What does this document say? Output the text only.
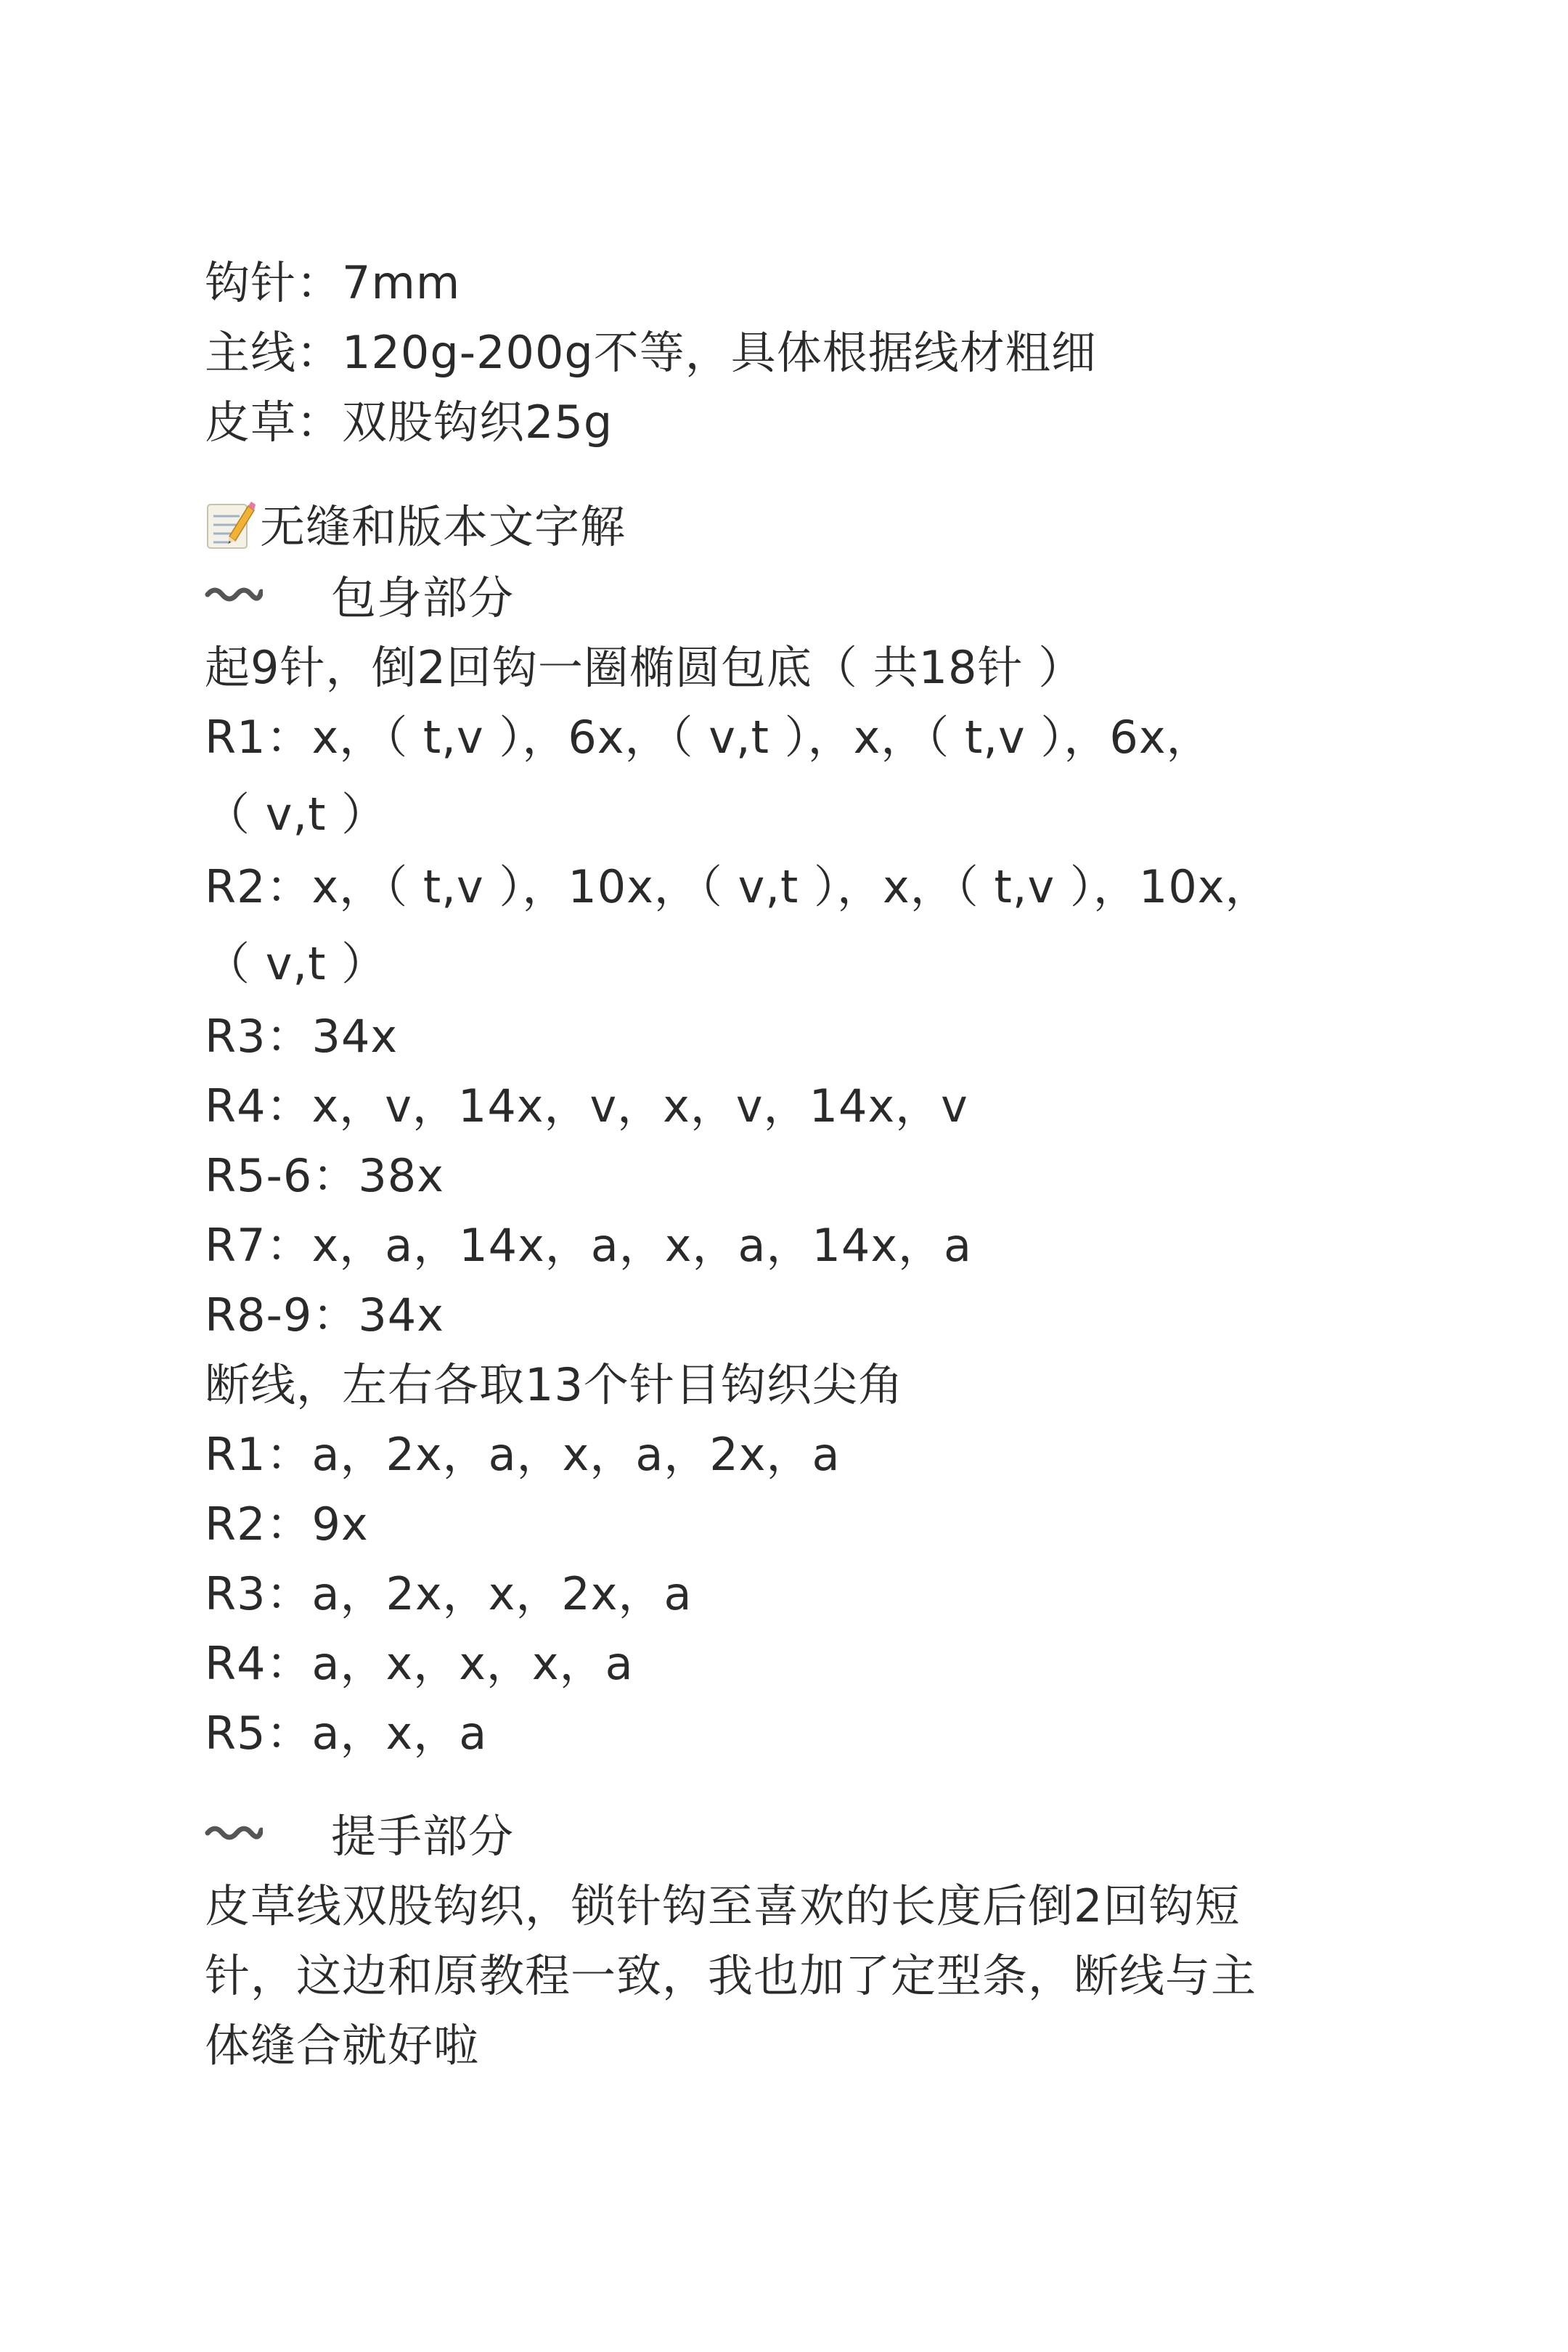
钩针：7mm
主线：120g-200g不等，具体根据线材粗细
皮草：双股钩织25g
无缝和版本文字解
包身部分
起9针，倒2回钩一圈椭圆包底（ 共18针 ）
R1：x，（ t,v ），6x，（ v,t ），x，（ t,v ），6x，
（ v,t ）
R2：x，（ t,v ），10x，（ v,t ），x，（ t,v ），10x，
（ v,t ）
R3：34x
R4：x，v，14x，v，x，v，14x，v
R5-6：38x
R7：x，a，14x，a，x，a，14x，a
R8-9：34x
断线，左右各取13个针目钩织尖角
R1：a，2x，a，x，a，2x，a
R2：9x
R3：a，2x，x，2x，a
R4：a，x，x，x，a
R5：a，x，a
提手部分
皮草线双股钩织，锁针钩至喜欢的长度后倒2回钩短
针，这边和原教程一致，我也加了定型条，断线与主
体缝合就好啦
